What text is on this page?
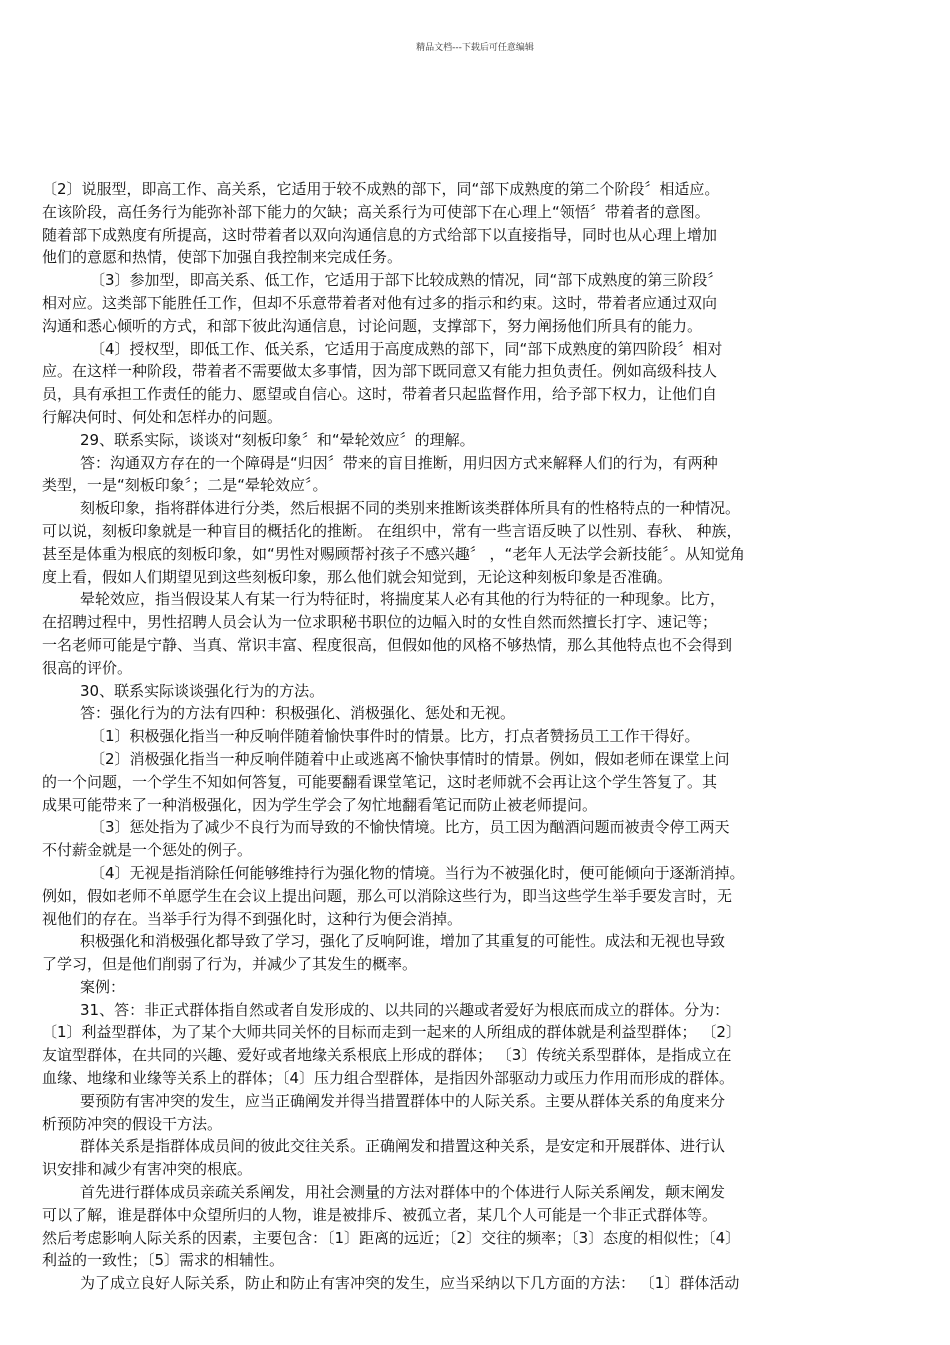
精品文档---下载后可任意编辑
〔2〕说服型，即高工作、高关系，它适用于较不成熟的部下，同“部下成熟度的第二个阶段〞相适应。
在该阶段，高任务行为能弥补部下能力的欠缺；高关系行为可使部下在心理上“领悟〞带着者的意图。
随着部下成熟度有所提高，这时带着者以双向沟通信息的方式给部下以直接指导，同时也从心理上增加
他们的意愿和热情，使部下加强自我控制来完成任务。
〔3〕参加型，即高关系、低工作，它适用于部下比较成熟的情况，同“部下成熟度的第三阶段〞
相对应。这类部下能胜任工作，但却不乐意带着者对他有过多的指示和约束。这时，带着者应通过双向
沟通和悉心倾听的方式，和部下彼此沟通信息，讨论问题，支撑部下，努力阐扬他们所具有的能力。
〔4〕授权型，即低工作、低关系，它适用于高度成熟的部下，同“部下成熟度的第四阶段〞相对
应。在这样一种阶段，带着者不需要做太多事情，因为部下既同意又有能力担负责任。例如高级科技人
员，具有承担工作责任的能力、愿望或自信心。这时，带着者只起监督作用，给予部下权力，让他们自
行解决何时、何处和怎样办的问题。
29、联系实际，谈谈对“刻板印象〞和“晕轮效应〞的理解。
答：沟通双方存在的一个障碍是“归因〞带来的盲目推断，用归因方式来解释人们的行为，有两种
类型，一是“刻板印象〞；二是“晕轮效应〞。
刻板印象，指将群体进行分类，然后根据不同的类别来推断该类群体所具有的性格特点的一种情况。
可以说，刻板印象就是一种盲目的概括化的推断。 在组织中，常有一些言语反映了以性别、春秋、 种族，
甚至是体重为根底的刻板印象，如“男性对赐顾帮衬孩子不感兴趣〞 ，“老年人无法学会新技能〞。从知觉角
度上看，假如人们期望见到这些刻板印象，那么他们就会知觉到，无论这种刻板印象是否准确。
晕轮效应，指当假设某人有某一行为特征时，将揣度某人必有其他的行为特征的一种现象。比方，
在招聘过程中，男性招聘人员会认为一位求职秘书职位的边幅入时的女性自然而然擅长打字、速记等；
一名老师可能是宁静、当真、常识丰富、程度很高，但假如他的风格不够热情，那么其他特点也不会得到
很高的评价。
30、联系实际谈谈强化行为的方法。
答：强化行为的方法有四种：积极强化、消极强化、惩处和无视。
〔1〕积极强化指当一种反响伴随着愉快事件时的情景。比方，打点者赞扬员工工作干得好。
〔2〕消极强化指当一种反响伴随着中止或逃离不愉快事情时的情景。例如，假如老师在课堂上问
的一个问题，一个学生不知如何答复，可能要翻看课堂笔记，这时老师就不会再让这个学生答复了。其
成果可能带来了一种消极强化，因为学生学会了匆忙地翻看笔记而防止被老师提问。
〔3〕惩处指为了减少不良行为而导致的不愉快情境。比方，员工因为酗酒问题而被责令停工两天
不付薪金就是一个惩处的例子。
〔4〕无视是指消除任何能够维持行为强化物的情境。当行为不被强化时，便可能倾向于逐渐消掉。
例如，假如老师不单愿学生在会议上提出问题，那么可以消除这些行为，即当这些学生举手要发言时，无
视他们的存在。当举手行为得不到强化时，这种行为便会消掉。
积极强化和消极强化都导致了学习，强化了反响阿谁，增加了其重复的可能性。成法和无视也导致
了学习，但是他们削弱了行为，并减少了其发生的概率。
案例：
31、答：非正式群体指自然或者自发形成的、以共同的兴趣或者爱好为根底而成立的群体。分为：
〔1〕利益型群体，为了某个大师共同关怀的目标而走到一起来的人所组成的群体就是利益型群体； 〔2〕
友谊型群体，在共同的兴趣、爱好或者地缘关系根底上形成的群体； 〔3〕传统关系型群体，是指成立在
血缘、地缘和业缘等关系上的群体；〔4〕压力组合型群体，是指因外部驱动力或压力作用而形成的群体。
要预防有害冲突的发生，应当正确阐发并得当措置群体中的人际关系。主要从群体关系的角度来分
析预防冲突的假设干方法。
群体关系是指群体成员间的彼此交往关系。正确阐发和措置这种关系，是安定和开展群体、进行认
识安排和减少有害冲突的根底。
首先进行群体成员亲疏关系阐发，用社会测量的方法对群体中的个体进行人际关系阐发，颠末阐发
可以了解，谁是群体中众望所归的人物，谁是被排斥、被孤立者，某几个人可能是一个非正式群体等。
然后考虑影响人际关系的因素，主要包含：〔1〕距离的远近；〔2〕交往的频率；〔3〕态度的相似性；〔4〕
利益的一致性；〔5〕需求的相辅性。
为了成立良好人际关系，防止和防止有害冲突的发生，应当采纳以下几方面的方法： 〔1〕群体活动
